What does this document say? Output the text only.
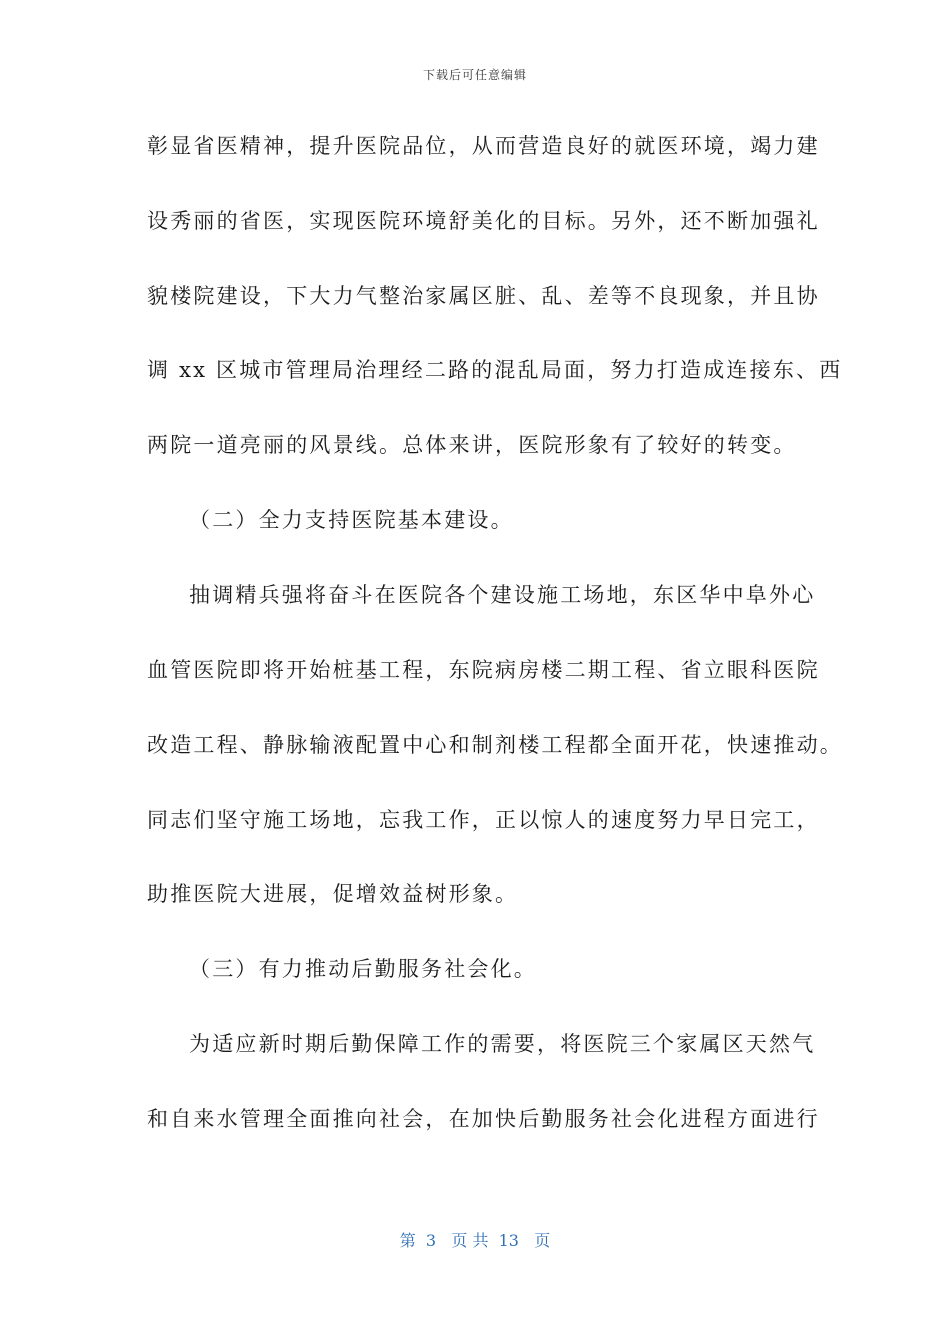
下载后可任意编辑
彰显省医精神，提升医院品位，从而营造良好的就医环境，竭力建
设秀丽的省医，实现医院环境舒美化的目标。另外，还不断加强礼
貌楼院建设，下大力气整治家属区脏、乱、差等不良现象，并且协
调 xx 区城市管理局治理经二路的混乱局面，努力打造成连接东、西
两院一道亮丽的风景线。总体来讲，医院形象有了较好的转变。
（二）全力支持医院基本建设。
抽调精兵强将奋斗在医院各个建设施工场地，东区华中阜外心
血管医院即将开始桩基工程，东院病房楼二期工程、省立眼科医院
改造工程、静脉输液配置中心和制剂楼工程都全面开花，快速推动。
同志们坚守施工场地，忘我工作，正以惊人的速度努力早日完工，
助推医院大进展，促增效益树形象。
（三）有力推动后勤服务社会化。
为适应新时期后勤保障工作的需要，将医院三个家属区天然气
和自来水管理全面推向社会，在加快后勤服务社会化进程方面进行
第  3   页 共  13   页
